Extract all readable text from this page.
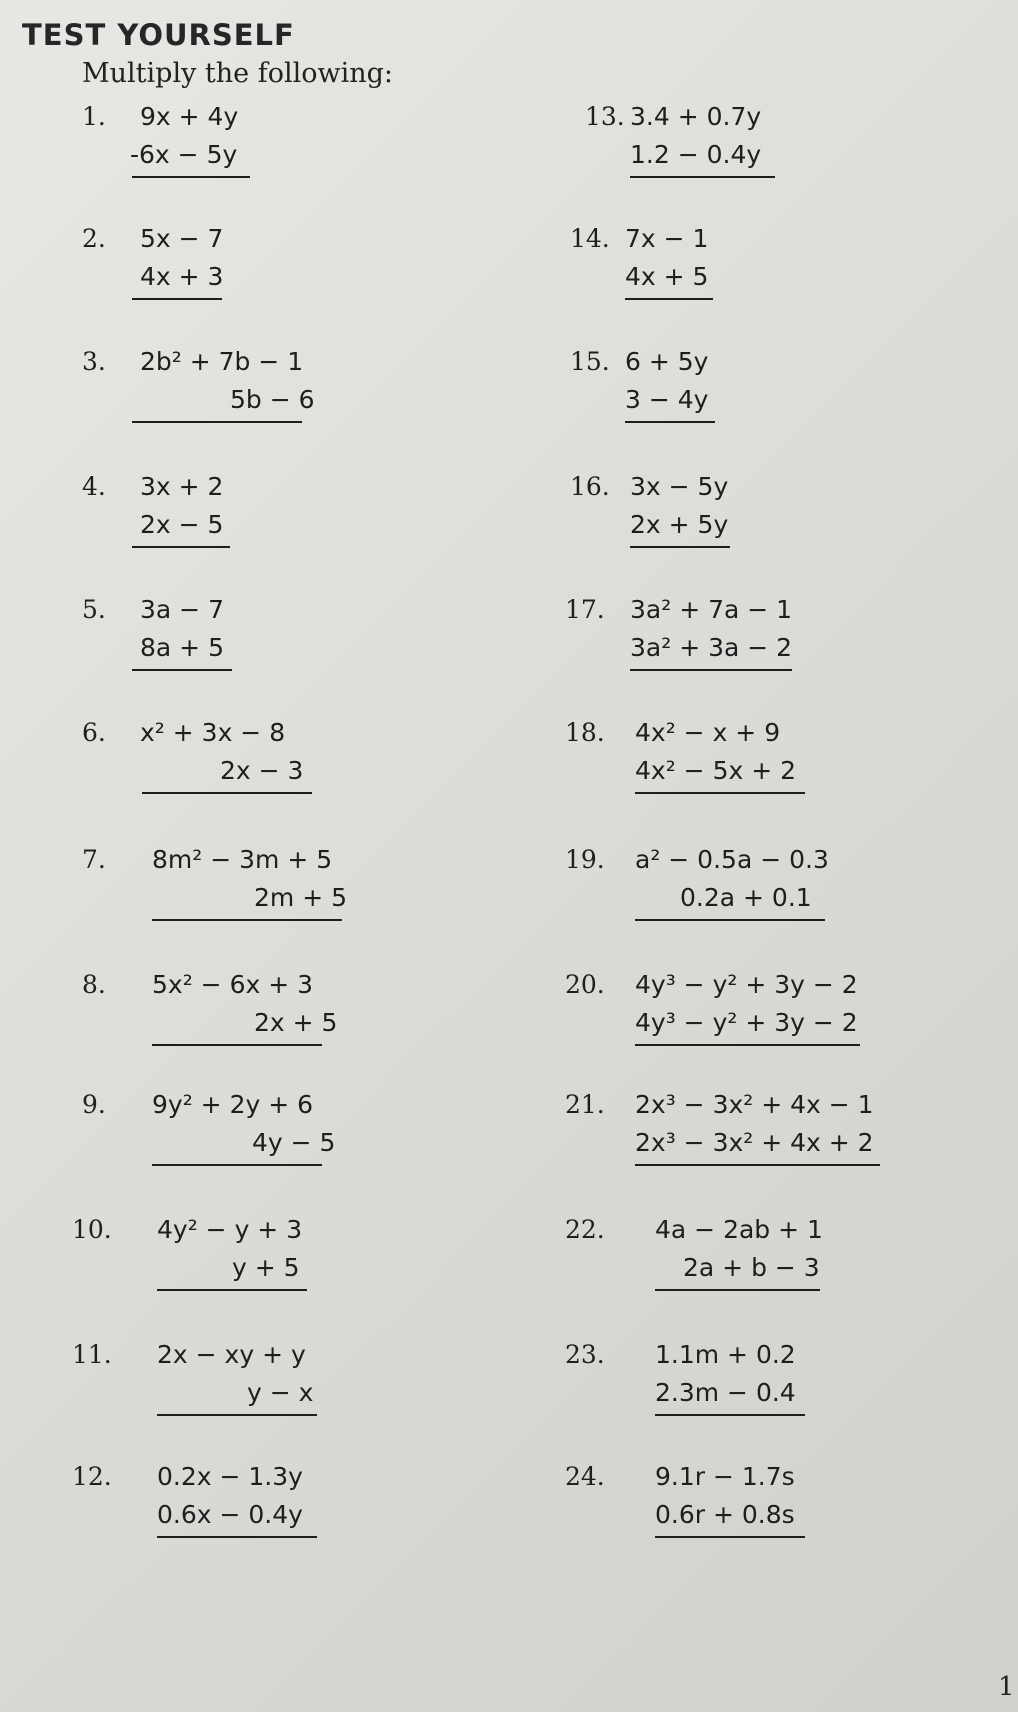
TEST YOURSELF
Multiply the following:
1. 9x + 4y
-6x − 5y
2. 5x − 7
4x + 3
3. 2b² + 7b − 1
5b − 6
4. 3x + 2
2x − 5
5. 3a − 7
8a + 5
6. x² + 3x − 8
2x − 3
7. 8m² − 3m + 5
2m + 5
8. 5x² − 6x + 3
2x + 5
9. 9y² + 2y + 6
4y − 5
10. 4y² − y + 3
y + 5
11. 2x − xy + y
y − x
12. 0.2x − 1.3y
0.6x − 0.4y
13. 3.4 + 0.7y
1.2 − 0.4y
14. 7x − 1
4x + 5
15. 6 + 5y
3 − 4y
16. 3x − 5y
2x + 5y
17. 3a² + 7a − 1
3a² + 3a − 2
18. 4x² − x + 9
4x² − 5x + 2
19. a² − 0.5a − 0.3
0.2a + 0.1
20. 4y³ − y² + 3y − 2
4y³ − y² + 3y − 2
21. 2x³ − 3x² + 4x − 1
2x³ − 3x² + 4x + 2
22. 4a − 2ab + 1
2a + b − 3
23. 1.1m + 0.2
2.3m − 0.4
24. 9.1r − 1.7s
0.6r + 0.8s
1
